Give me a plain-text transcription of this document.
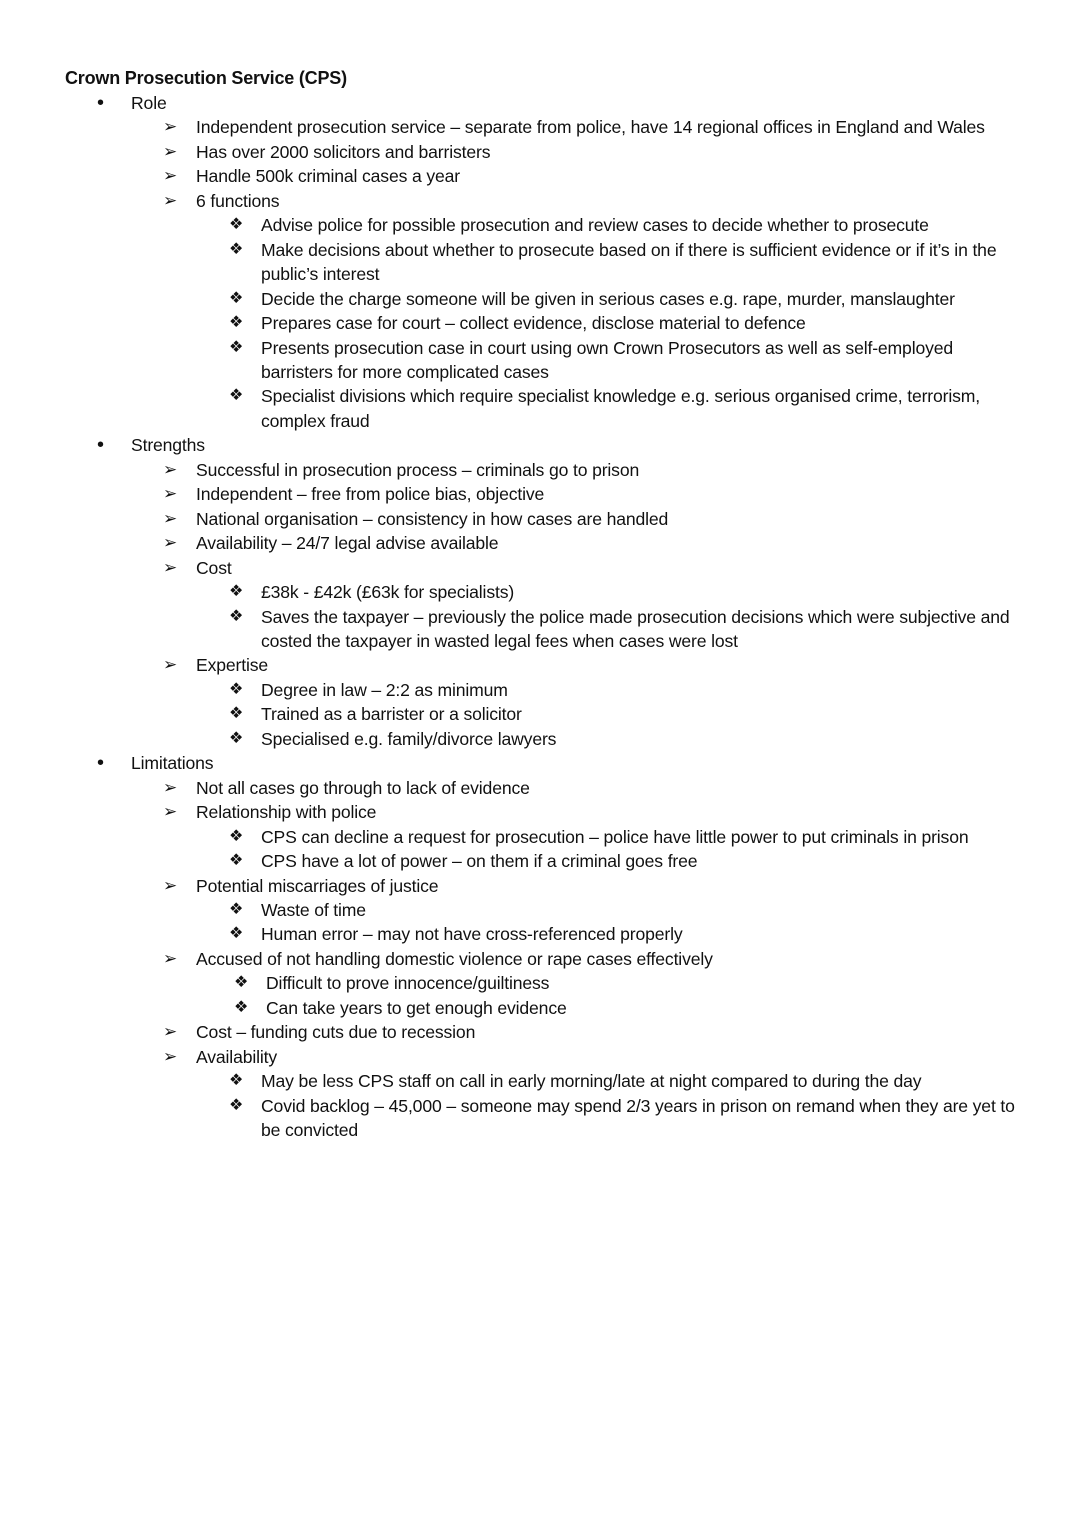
Crown Prosecution Service (CPS)
• Role
➢ Independent prosecution service – separate from police, have 14 regional offices in England and Wales
➢ Has over 2000 solicitors and barristers
➢ Handle 500k criminal cases a year
➢ 6 functions
❖ Advise police for possible prosecution and review cases to decide whether to prosecute
❖ Make decisions about whether to prosecute based on if there is sufficient evidence or if it’s in the public’s interest
❖ Decide the charge someone will be given in serious cases e.g. rape, murder, manslaughter
❖ Prepares case for court – collect evidence, disclose material to defence
❖ Presents prosecution case in court using own Crown Prosecutors as well as self-employed barristers for more complicated cases
❖ Specialist divisions which require specialist knowledge e.g. serious organised crime, terrorism, complex fraud
• Strengths
➢ Successful in prosecution process – criminals go to prison
➢ Independent – free from police bias, objective
➢ National organisation – consistency in how cases are handled
➢ Availability – 24/7 legal advise available
➢ Cost
❖ £38k - £42k (£63k for specialists)
❖ Saves the taxpayer – previously the police made prosecution decisions which were subjective and costed the taxpayer in wasted legal fees when cases were lost
➢ Expertise
❖ Degree in law – 2:2 as minimum
❖ Trained as a barrister or a solicitor
❖ Specialised e.g. family/divorce lawyers
• Limitations
➢ Not all cases go through to lack of evidence
➢ Relationship with police
❖ CPS can decline a request for prosecution – police have little power to put criminals in prison
❖ CPS have a lot of power – on them if a criminal goes free
➢ Potential miscarriages of justice
❖ Waste of time
❖ Human error – may not have cross-referenced properly
➢ Accused of not handling domestic violence or rape cases effectively
❖ Difficult to prove innocence/guiltiness
❖ Can take years to get enough evidence
➢ Cost – funding cuts due to recession
➢ Availability
❖ May be less CPS staff on call in early morning/late at night compared to during the day
❖ Covid backlog – 45,000 – someone may spend 2/3 years in prison on remand when they are yet to be convicted
